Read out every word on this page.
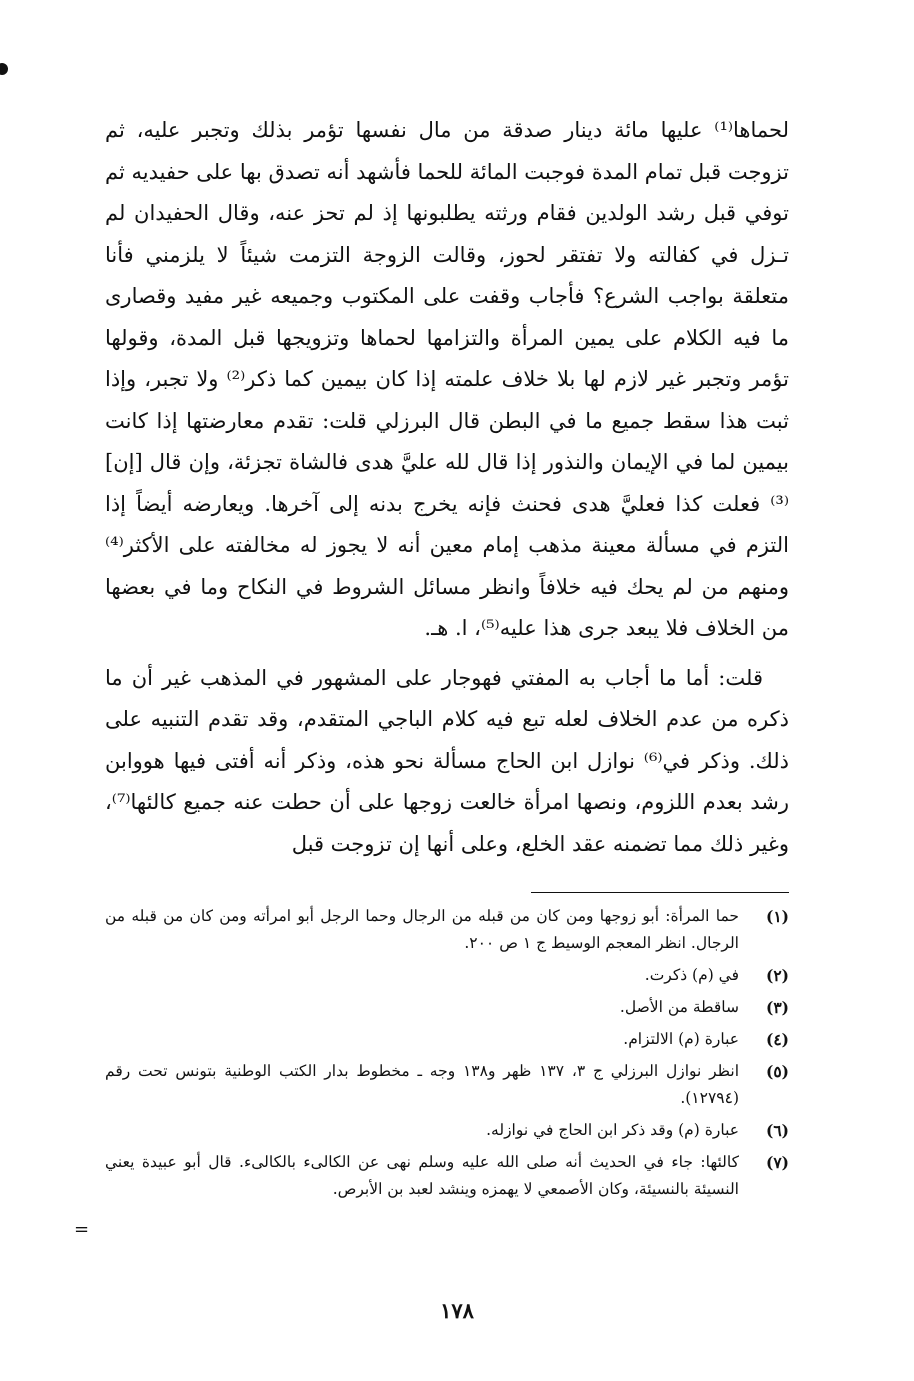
لحماها⁽¹⁾ عليها مائة دينار صدقة من مال نفسها تؤمر بذلك وتجبر عليه، ثم تزوجت قبل تمام المدة فوجبت المائة للحما فأشهد أنه تصدق بها على حفيديه ثم توفي قبل رشد الولدين فقام ورثته يطلبونها إذ لم تحز عنه، وقال الحفيدان لم تـزل في كفالته ولا تفتقر لحوز، وقالت الزوجة التزمت شيئاً لا يلزمني فأنا متعلقة بواجب الشرع؟ فأجاب وقفت على المكتوب وجميعه غير مفيد وقصارى ما فيه الكلام على يمين المرأة والتزامها لحماها وتزويجها قبل المدة، وقولها تؤمر وتجبر غير لازم لها بلا خلاف علمته إذا كان بيمين كما ذكر⁽²⁾ ولا تجبر، وإذا ثبت هذا سقط جميع ما في البطن قال البرزلي قلت: تقدم معارضتها إذا كانت بيمين لما في الإيمان والنذور إذا قال لله عليَّ هدى فالشاة تجزئة، وإن قال [إن]⁽³⁾ فعلت كذا فعليَّ هدى فحنث فإنه يخرج بدنه إلى آخرها. ويعارضه أيضاً إذا التزم في مسألة معينة مذهب إمام معين أنه لا يجوز له مخالفته على الأكثر⁽⁴⁾ ومنهم من لم يحك فيه خلافاً وانظر مسائل الشروط في النكاح وما في بعضها من الخلاف فلا يبعد جرى هذا عليه⁽⁵⁾، ا. هـ.

قلت: أما ما أجاب به المفتي فهوجار على المشهور في المذهب غير أن ما ذكره من عدم الخلاف لعله تبع فيه كلام الباجي المتقدم، وقد تقدم التنبيه على ذلك. وذكر في⁽⁶⁾ نوازل ابن الحاج مسألة نحو هذه، وذكر أنه أفتى فيها هووابن رشد بعدم اللزوم، ونصها امرأة خالعت زوجها على أن حطت عنه جميع كالئها⁽⁷⁾، وغير ذلك مما تضمنه عقد الخلع، وعلى أنها إن تزوجت قبل

(١)
حما المرأة: أبو زوجها ومن كان من قبله من الرجال وحما الرجل أبو امرأته ومن كان من قبله من الرجال. انظر المعجم الوسيط ج ١ ص ٢٠٠.
(٢)
في (م) ذكرت.
(٣)
ساقطة من الأصل.
(٤)
عبارة (م) الالتزام.
(٥)
انظر نوازل البرزلي ج ٣، ١٣٧ ظهر و١٣٨ وجه ـ مخطوط بدار الكتب الوطنية بتونس تحت رقم (١٢٧٩٤).
(٦)
عبارة (م) وقد ذكر ابن الحاج في نوازله.
(٧)
كالئها: جاء في الحديث أنه صلى الله عليه وسلم نهى عن الكالىء بالكالىء. قال أبو عبيدة يعني النسيئة بالنسيئة، وكان الأصمعي لا يهمزه وينشد لعبد بن الأبرص.
=
١٧٨
